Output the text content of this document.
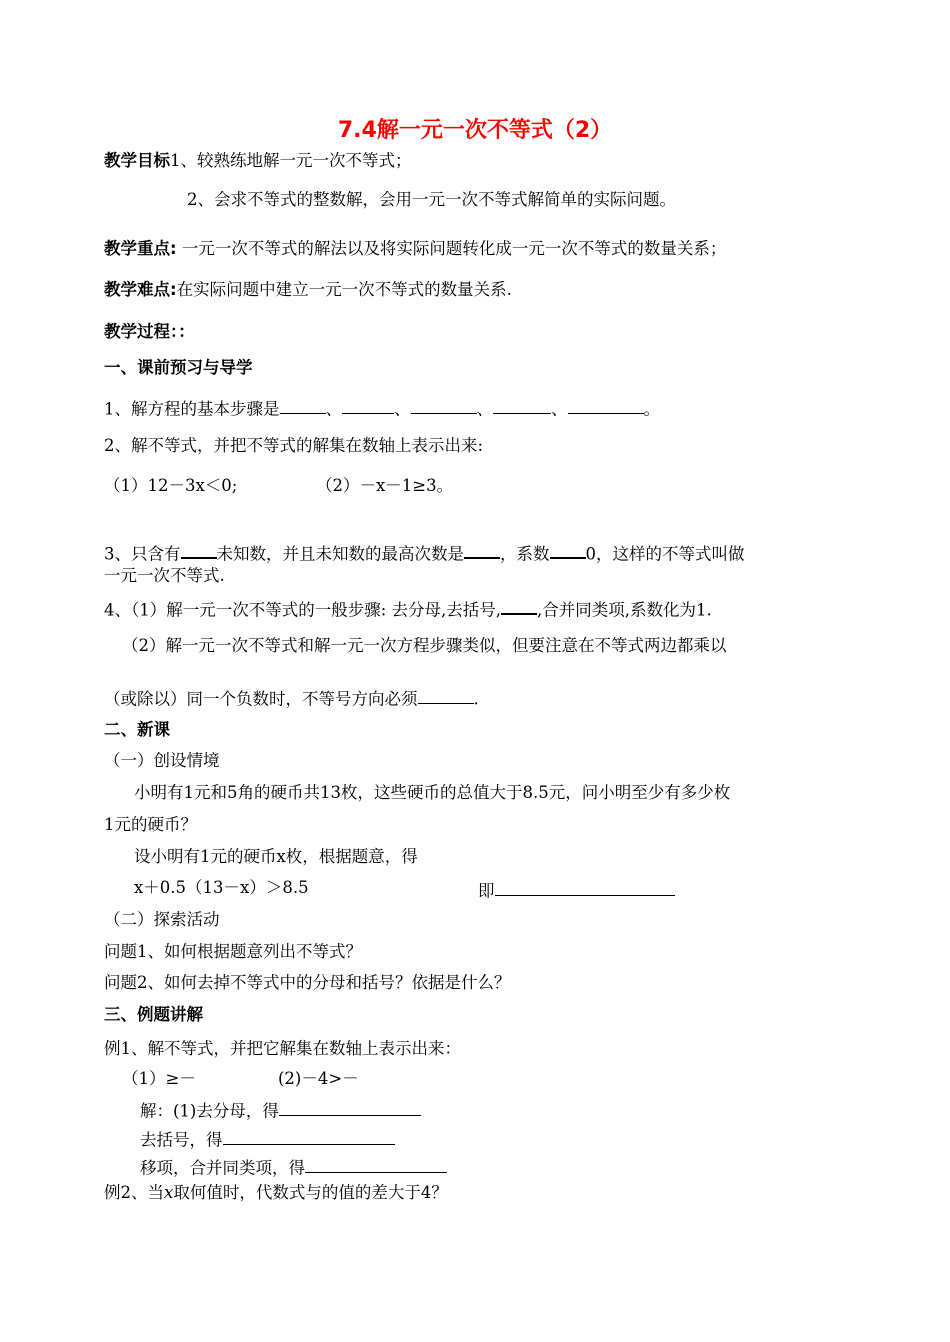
7.4解一元一次不等式（2）
教学目标1、较熟练地解一元一次不等式；
2、会求不等式的整数解，会用一元一次不等式解简单的实际问题。
教学重点: 一元一次不等式的解法以及将实际问题转化成一元一次不等式的数量关系；
教学难点:在实际问题中建立一元一次不等式的数量关系.
教学过程：：
一、课前预习与导学
1、解方程的基本步骤是	、	、	、	、	。
2、解不等式，并把不等式的解集在数轴上表示出来:
（1）12－3x＜0;	（2）－x－1≥3。
3、只含有 未知数，并且未知数的最高次数是 ，系数 0，这样的不等式叫做
一元一次不等式.
4、（1）解一元一次不等式的一般步骤: 去分母,去括号, ,合并同类项,系数化为1.
（2）解一元一次不等式和解一元一次方程步骤类似，但要注意在不等式两边都乘以
（或除以）同一个负数时，不等号方向必须	.
二、新课
（一）创设情境
小明有1元和5角的硬币共13枚，这些硬币的总值大于8.5元，问小明至少有多少枚
1元的硬币？
设小明有1元的硬币x枚，根据题意，得
x＋0.5（13－x）＞8.5	即
（二）探索活动
问题1、如何根据题意列出不等式？
问题2、如何去掉不等式中的分母和括号？依据是什么？
三、例题讲解
例1、解不等式，并把它解集在数轴上表示出来：
（1）≥－	(2)－4>－
解：(1)去分母，得
去括号，得
移项，合并同类项，得
例2、当x取何值时，代数式与的值的差大于4？
